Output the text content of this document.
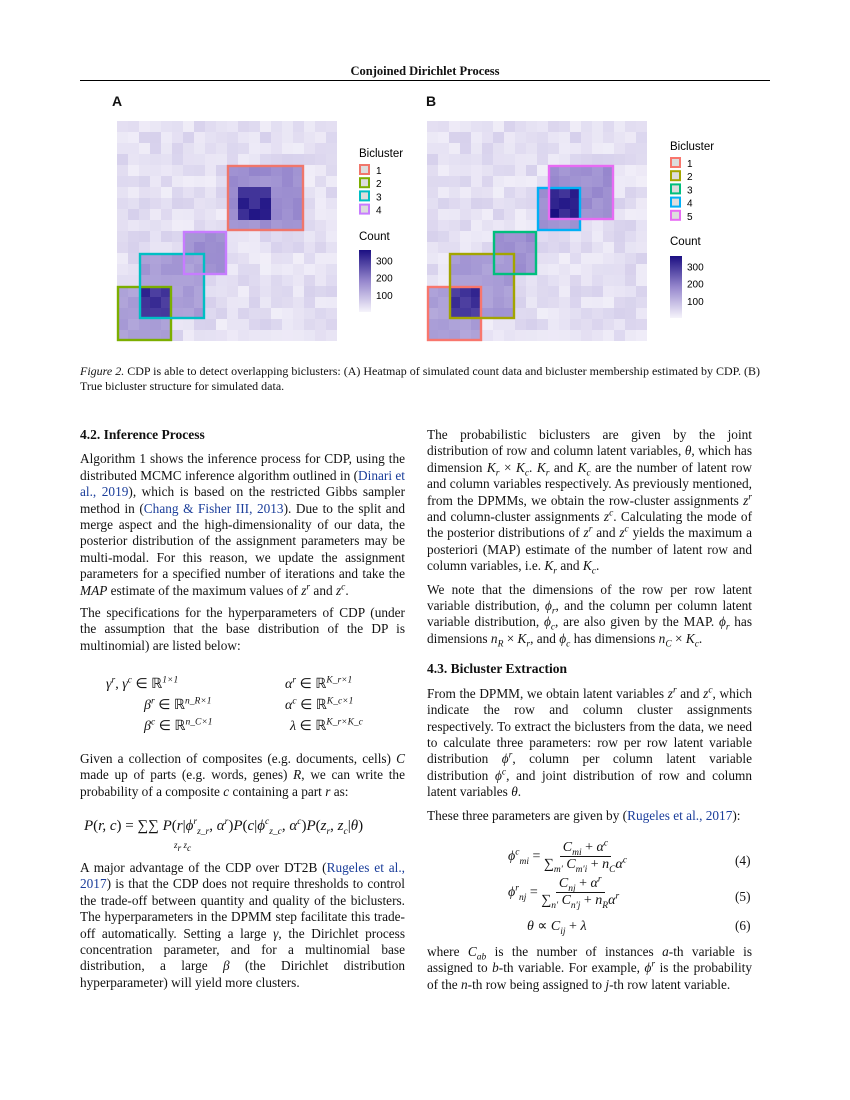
Conjoined Dirichlet Process
A	B
Bicluster
1
2
3
4
Count
300
200
100
Bicluster
1
2
3
4
5
Count
300
200
100
Figure 2. CDP is able to detect overlapping biclusters: (A) Heatmap of simulated count data and bicluster membership estimated by CDP. (B) True bicluster structure for simulated data.

4.2. Inference Process

Algorithm 1 shows the inference process for CDP, using the distributed MCMC inference algorithm outlined in (Dinari et al., 2019), which is based on the restricted Gibbs sampler method in (Chang & Fisher III, 2013). Due to the split and merge aspect and the high-dimensionality of our data, the posterior distribution of the assignment parameters may be multi-modal. For this reason, we update the assignment parameters for a specified number of iterations and take the MAP estimate of the maximum values of $z^r$ and $z^c$.

The specifications for the hyperparameters of CDP (under the assumption that the base distribution of the DP is multinomial) are listed below:

$\gamma^r$, $\gamma^c$ ∈ ℝ$^{1\times 1}$
$\beta^r$ ∈ ℝ$^{n\_R\times 1}$
$\beta^c$ ∈ ℝ$^{n\_C\times 1}$
$\alpha^r$ ∈ ℝ$^{K\_r\times 1}$
$\alpha^c$ ∈ ℝ$^{K\_c\times 1}$
λ ∈ ℝ$^{K\_r\times K\_c}$

Given a collection of composites (e.g. documents, cells) C made up of parts (e.g. words, genes) R, we can write the probability of a composite c containing a part r as:

P(r, c) = ∑∑ $P(r|\phi^r_{z\_r}$, $\alpha^r)P(c|\phi^c_{z\_c}$, $\alpha^c)P(z_r$, $z_c|\theta$)
$z_r$ $z_c$

A major advantage of the CDP over DT2B (Rugeles et al., 2017) is that the CDP does not require thresholds to control the trade-off between quantity and quality of the biclusters. The hyperparameters in the DPMM step facilitate this trade-off automatically. Setting a large γ, the Dirichlet process concentration parameter, and for a multinomial base distribution, a large β (the Dirichlet distribution hyperparameter) will yield more clusters.

The probabilistic biclusters are given by the joint distribution of row and column latent variables, θ, which has dimension $K_r \times K_c$. $K_r$ and $K_c$ are the number of latent row and column variables respectively. As previously mentioned, from the DPMMs, we obtain the row-cluster assignments $z^r$ and column-cluster assignments $z^c$. Calculating the mode of the posterior distributions of $z^r$ and $z^c$ yields the maximum a posteriori (MAP) estimate of the number of latent row and column variables, i.e. $K_r$ and $K_c$.

We note that the dimensions of the row per row latent variable distribution, $\phi_r$, and the column per column latent variable distribution, $\phi_c$, are also given by the MAP. $\phi_r$ has dimensions $n_R \times K_r$, and $\phi_c$ has dimensions $n_C \times K_c$.

4.3. Bicluster Extraction

From the DPMM, we obtain latent variables $z^r$ and $z^c$, which indicate the row and column cluster assignments respectively. To extract the biclusters from the data, we need to calculate three parameters: row per row latent variable distribution $\phi^r$, column per column latent variable distribution $\phi^c$, and joint distribution of row and column latent variables θ.

These three parameters are given by (Rugeles et al., 2017):

$\phi^c_{mi} = \frac{C_{mi} + \alpha^c}{\sum_{m'} C_{m'i} + n_C\alpha^c}$	(4)
$\phi^r_{nj} = \frac{C_{nj} + \alpha^r}{\sum_{n'} C_{n'j} + n_R\alpha^r}$	(5)
$\theta \propto C_{ij} + \lambda$	(6)

where $C_{ab}$ is the number of instances a-th variable is assigned to b-th variable. For example, $\phi^r$ is the probability of the n-th row being assigned to j-th row latent variable.
